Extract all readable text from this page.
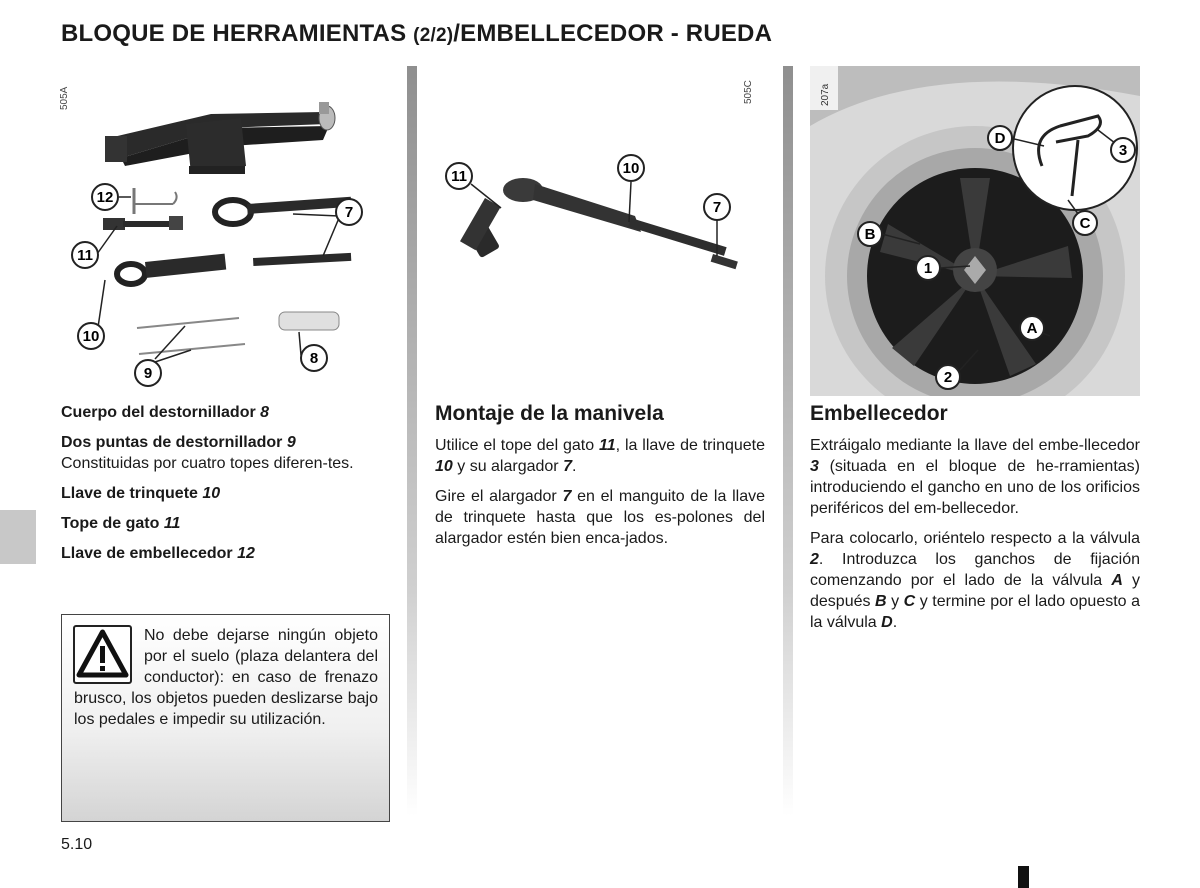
BLOQUE DE HERRAMIENTAS (2/2)/EMBELLECEDOR - RUEDA
505A
12
11
10
9
8
7
505C
11	10
7
207a
D
3
C
B
1
A
2

Cuerpo del destornillador 8

Dos puntas de destornillador 9
Constituidas por cuatro topes diferen-tes.

Llave de trinquete 10

Tope de gato 11

Llave de embellecedor 12

No debe dejarse ningún objeto por el suelo (plaza delantera del conductor): en caso de frenazo brusco, los objetos pueden deslizarse bajo los pedales e impedir su utilización.
Montaje de la manivela

Utilice el tope del gato 11, la llave de trinquete 10 y su alargador 7.

Gire el alargador 7 en el manguito de la llave de trinquete hasta que los es-polones del alargador estén bien enca-jados.

Embellecedor

Extráigalo mediante la llave del embe-llecedor 3 (situada en el bloque de he-rramientas) introduciendo el gancho en uno de los orificios periféricos del em-bellecedor.

Para colocarlo, oriéntelo respecto a la válvula 2. Introduzca los ganchos de fijación comenzando por el lado de la válvula A y después B y C y termine por el lado opuesto a la válvula D.

5.10
